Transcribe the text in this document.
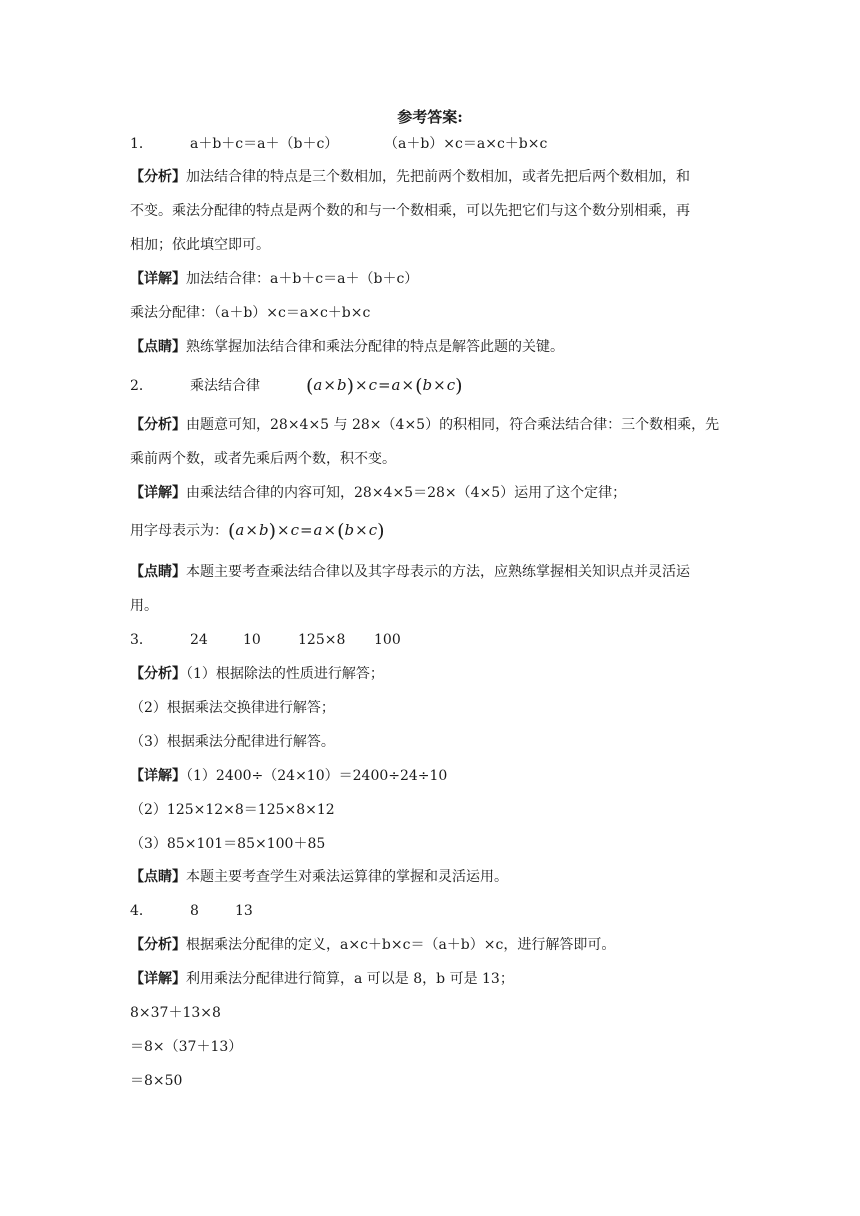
参考答案:
1．	a＋b＋c＝a＋（b＋c）	（a＋b）×c＝a×c＋b×c
【分析】加法结合律的特点是三个数相加，先把前两个数相加，或者先把后两个数相加，和
不变。乘法分配律的特点是两个数的和与一个数相乘，可以先把它们与这个数分别相乘，再
相加；依此填空即可。
【详解】加法结合律：a＋b＋c＝a＋（b＋c）
乘法分配律：（a＋b）×c＝a×c＋b×c
【点睛】熟练掌握加法结合律和乘法分配律的特点是解答此题的关键。
2．	乘法结合律 (a×b)×c=a×(b×c)
【分析】由题意可知，28×4×5 与 28×（4×5）的积相同，符合乘法结合律：三个数相乘，先
乘前两个数，或者先乘后两个数，积不变。
【详解】由乘法结合律的内容可知，28×4×5＝28×（4×5）运用了这个定律；
用字母表示为：(a×b)×c=a×(b×c)
【点睛】本题主要考查乘法结合律以及其字母表示的方法，应熟练掌握相关知识点并灵活运
用。
3．	24	10	125×8 100
【分析】（1）根据除法的性质进行解答；
（2）根据乘法交换律进行解答；
（3）根据乘法分配律进行解答。
【详解】（1）2400÷（24×10）＝2400÷24÷10
（2）125×12×8＝125×8×12
（3）85×101＝85×100＋85
【点睛】本题主要考查学生对乘法运算律的掌握和灵活运用。
4．	8	13
【分析】根据乘法分配律的定义，a×c＋b×c＝（a＋b）×c，进行解答即可。
【详解】利用乘法分配律进行简算，a 可以是 8，b 可是 13；
8×37＋13×8
＝8×（37＋13）
＝8×50
